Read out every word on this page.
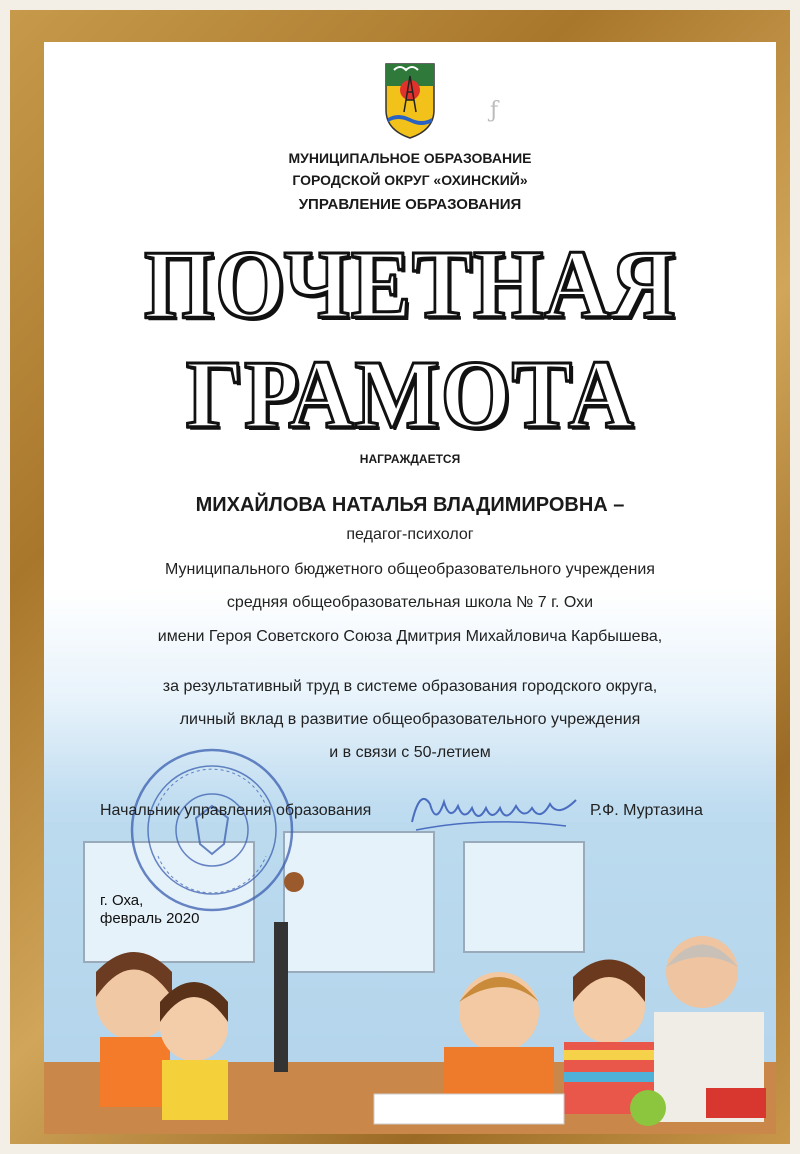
ƒ
МУНИЦИПАЛЬНОЕ ОБРАЗОВАНИЕ
ГОРОДСКОЙ ОКРУГ «ОХИНСКИЙ»
УПРАВЛЕНИЕ ОБРАЗОВАНИЯ
ПОЧЕТНАЯ
ГРАМОТА
НАГРАЖДАЕТСЯ
МИХАЙЛОВА НАТАЛЬЯ ВЛАДИМИРОВНА –
педагог-психолог
Муниципального бюджетного общеобразовательного учреждения
средняя общеобразовательная школа № 7 г. Охи
имени Героя Советского Союза Дмитрия Михайловича Карбышева,
за результативный труд в системе образования городского округа,
личный вклад в развитие общеобразовательного учреждения
и в связи с 50-летием
Начальник управления образования	Р.Ф. Муртазина
г. Оха,
февраль 2020
